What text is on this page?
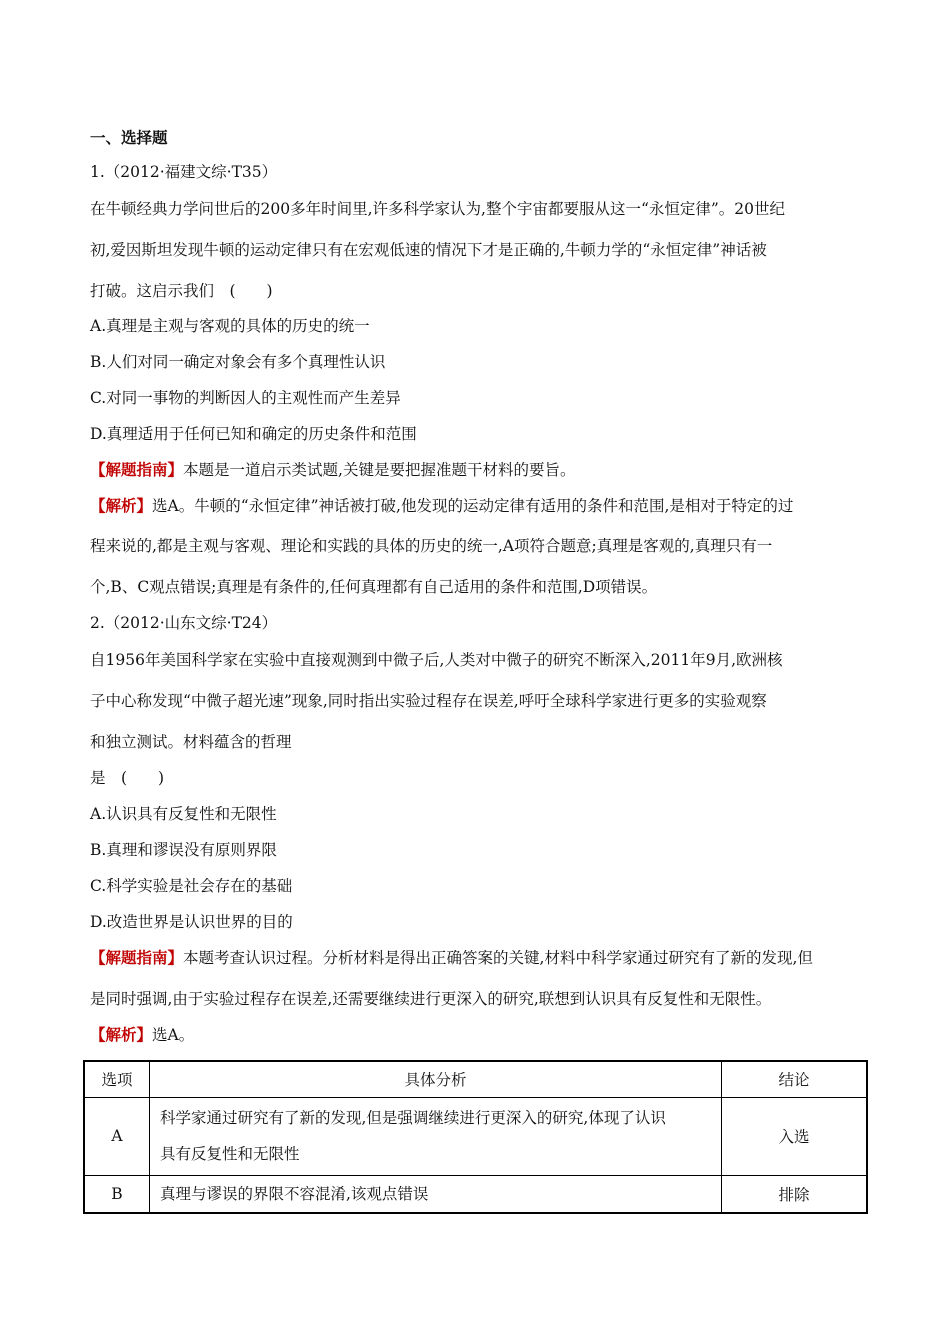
一、选择题
1.（2012·福建文综·T35）
在牛顿经典力学问世后的200多年时间里,许多科学家认为,整个宇宙都要服从这一“永恒定律”。20世纪
初,爱因斯坦发现牛顿的运动定律只有在宏观低速的情况下才是正确的,牛顿力学的“永恒定律”神话被
打破。这启示我们　(　　)
A.真理是主观与客观的具体的历史的统一
B.人们对同一确定对象会有多个真理性认识
C.对同一事物的判断因人的主观性而产生差异
D.真理适用于任何已知和确定的历史条件和范围
【解题指南】本题是一道启示类试题,关键是要把握准题干材料的要旨。
【解析】选A。牛顿的“永恒定律”神话被打破,他发现的运动定律有适用的条件和范围,是相对于特定的过
程来说的,都是主观与客观、理论和实践的具体的历史的统一,A项符合题意;真理是客观的,真理只有一
个,B、C观点错误;真理是有条件的,任何真理都有自己适用的条件和范围,D项错误。
2.（2012·山东文综·T24）
自1956年美国科学家在实验中直接观测到中微子后,人类对中微子的研究不断深入,2011年9月,欧洲核
子中心称发现“中微子超光速”现象,同时指出实验过程存在误差,呼吁全球科学家进行更多的实验观察
和独立测试。材料蕴含的哲理
是　(　　)
A.认识具有反复性和无限性
B.真理和谬误没有原则界限
C.科学实验是社会存在的基础
D.改造世界是认识世界的目的
【解题指南】本题考查认识过程。分析材料是得出正确答案的关键,材料中科学家通过研究有了新的发现,但
是同时强调,由于实验过程存在误差,还需要继续进行更深入的研究,联想到认识具有反复性和无限性。
【解析】选A。
选项	具体分析	结论
A	科学家通过研究有了新的发现,但是强调继续进行更深入的研究,体现了认识
具有反复性和无限性	入选
B	真理与谬误的界限不容混淆,该观点错误	排除
